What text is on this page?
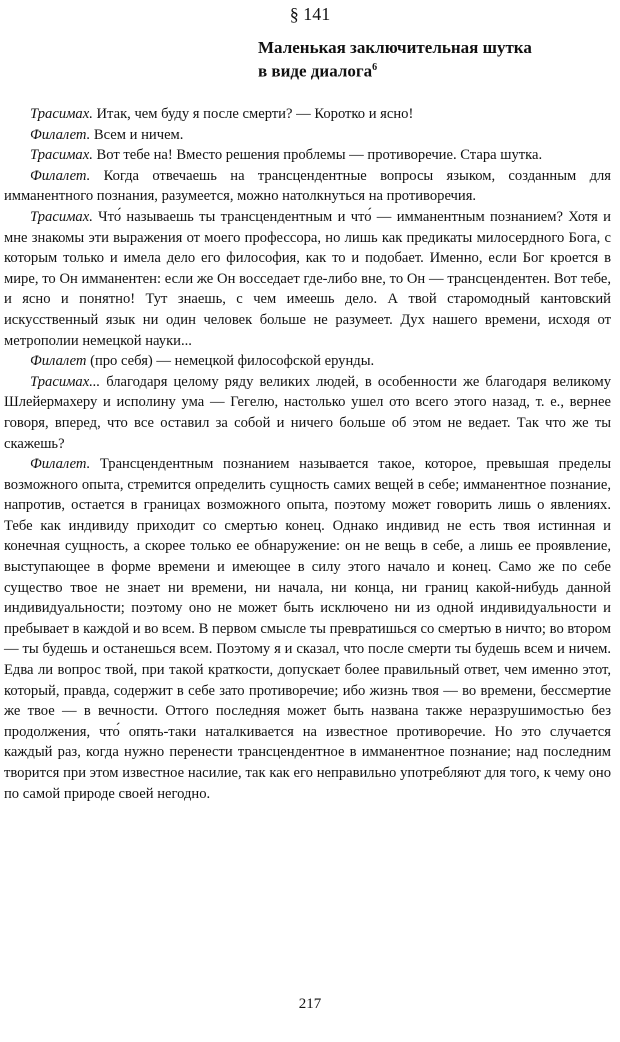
§ 141
Маленькая заключительная шутка
в виде диалога$^6$

Трасимах. Итак, чем буду я после смерти? — Коротко и ясно!

Филалет. Всем и ничем.

Трасимах. Вот тебе на! Вместо решения проблемы — противоречие. Стара шутка.

Филалет. Когда отвечаешь на трансцендентные вопросы языком, созданным для имманентного познания, разумеется, можно натолкнуться на противоречия.

Трасимах. Что́ называешь ты трансцендентным и что́ — имманентным познанием? Хотя и мне знакомы эти выражения от моего профессора, но лишь как предикаты милосердного Бога, с которым только и имела дело его философия, как то и подобает. Именно, если Бог кроется в мире, то Он имманентен: если же Он восседает где-либо вне, то Он — трансцендентен. Вот тебе, и ясно и понятно! Тут знаешь, с чем имеешь дело. А твой старомодный кантовский искусственный язык ни один человек больше не разумеет. Дух нашего времени, исходя от метрополии немецкой науки...

Филалет (про себя) — немецкой философской ерунды.

Трасимах... благодаря целому ряду великих людей, в особенности же благодаря великому Шлейермахеру и исполину ума — Гегелю, настолько ушел ото всего этого назад, т. е., вернее говоря, вперед, что все оставил за собой и ничего больше об этом не ведает. Так что же ты скажешь?

Филалет. Трансцендентным познанием называется такое, которое, превышая пределы возможного опыта, стремится определить сущность самих вещей в себе; имманентное познание, напротив, остается в границах возможного опыта, поэтому может говорить лишь о явлениях. Тебе как индивиду приходит со смертью конец. Однако индивид не есть твоя истинная и конечная сущность, а скорее только ее обнаружение: он не вещь в себе, а лишь ее проявление, выступающее в форме времени и имеющее в силу этого начало и конец. Само же по себе существо твое не знает ни времени, ни начала, ни конца, ни границ какой-нибудь данной индивидуальности; поэтому оно не может быть исключено ни из одной индивидуальности и пребывает в каждой и во всем. В первом смысле ты превратишься со смертью в ничто; во втором — ты будешь и останешься всем. Поэтому я и сказал, что после смерти ты будешь всем и ничем. Едва ли вопрос твой, при такой краткости, допускает более правильный ответ, чем именно этот, который, правда, содержит в себе зато противоречие; ибо жизнь твоя — во времени, бессмертие же твое — в вечности. Оттого последняя может быть названа также неразрушимостью без продолжения, что́ опять-таки наталкивается на известное противоречие. Но это случается каждый раз, когда нужно перенести трансцендентное в имманентное познание; над последним творится при этом известное насилие, так как его неправильно употребляют для того, к чему оно по самой природе своей негодно.

217
